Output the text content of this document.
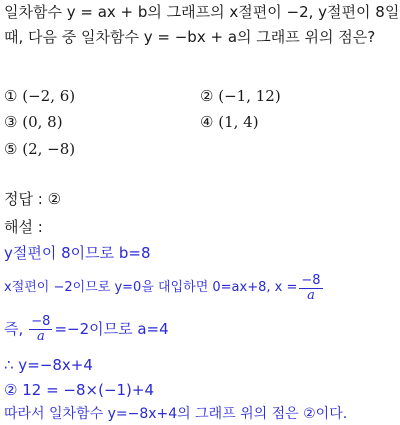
일차함수 y = ax + b의 그래프의 x절편이 −2, y절편이 8일
때, 다음 중 일차함수 y = −bx + a의 그래프 위의 점은?
① (−2, 6)	② (−1, 12)
③ (0, 8)	④ (1, 4)
⑤ (2, −8)
정답 : ②
해설 :
y절편이 8이므로 b=8
x절편이 −2이므로 y=0을 대입하면 0=ax+8, $x = \frac{-8}{a}$
즉, $\frac{-8}{a} =-2$이므로 a=4
∴ y=−8x+4
② 12 = −8×(−1)+4
따라서 일차함수 y=−8x+4의 그래프 위의 점은 ②이다.
